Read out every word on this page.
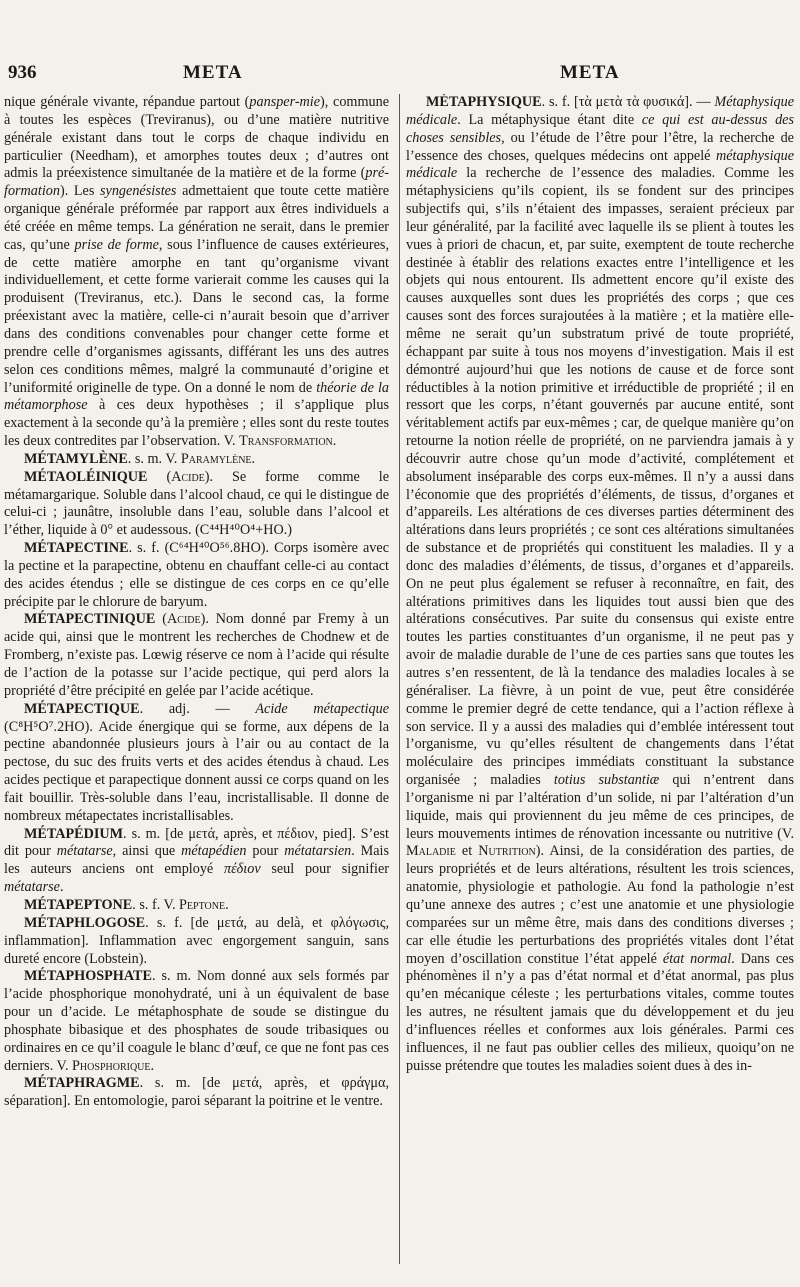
936	META	META

nique générale vivante, répandue partout (pansper-mie), commune à toutes les espèces (Treviranus), ou d’une matière nutritive générale existant dans tout le corps de chaque individu en particulier (Needham), et amorphes toutes deux ; d’autres ont admis la préexistence simultanée de la matière et de la forme (pré-formation). Les syngenésistes admettaient que toute cette matière organique générale préformée par rapport aux êtres individuels a été créée en même temps. La génération ne serait, dans le premier cas, qu’une prise de forme, sous l’influence de causes extérieures, de cette matière amorphe en tant qu’organisme vivant individuellement, et cette forme varierait comme les causes qui la produisent (Treviranus, etc.). Dans le second cas, la forme préexistant avec la matière, celle-ci n’aurait besoin que d’arriver dans des conditions convenables pour changer cette forme et prendre celle d’organismes agissants, différant les uns des autres selon ces conditions mêmes, malgré la communauté d’origine et l’uniformité originelle de type. On a donné le nom de théorie de la métamorphose à ces deux hypothèses ; il s’applique plus exactement à la seconde qu’à la première ; elles sont du reste toutes les deux contredites par l’observation. V. Transformation.

MÉTAMYLÈNE. s. m. V. Paramylène.

MÉTAOLÉINIQUE (Acide). Se forme comme le métamargarique. Soluble dans l’alcool chaud, ce qui le distingue de celui-ci ; jaunâtre, insoluble dans l’eau, soluble dans l’alcool et l’éther, liquide à 0° et audessous. (C⁴⁴H⁴⁰O⁴+HO.)

MÉTAPECTINE. s. f. (C⁶⁴H⁴⁰O⁵⁶.8HO). Corps isomère avec la pectine et la parapectine, obtenu en chauffant celle-ci au contact des acides étendus ; elle se distingue de ces corps en ce qu’elle précipite par le chlorure de baryum.

MÉTAPECTINIQUE (Acide). Nom donné par Fremy à un acide qui, ainsi que le montrent les recherches de Chodnew et de Fromberg, n’existe pas. Lœwig réserve ce nom à l’acide qui résulte de l’action de la potasse sur l’acide pectique, qui perd alors la propriété d’être précipité en gelée par l’acide acétique.

MÉTAPECTIQUE. adj. — Acide métapectique (C⁸H⁵O⁷.2HO). Acide énergique qui se forme, aux dépens de la pectine abandonnée plusieurs jours à l’air ou au contact de la pectose, du suc des fruits verts et des acides étendus à chaud. Les acides pectique et parapectique donnent aussi ce corps quand on les fait bouillir. Très-soluble dans l’eau, incristallisable. Il donne de nombreux métapectates incristallisables.

MÉTAPÉDIUM. s. m. [de μετά, après, et πέδιον, pied]. S’est dit pour métatarse, ainsi que métapédien pour métatarsien. Mais les auteurs anciens ont employé πέδιον seul pour signifier métatarse.

MÉTAPEPTONE. s. f. V. Peptone.

MÉTAPHLOGOSE. s. f. [de μετά, au delà, et φλόγωσις, inflammation]. Inflammation avec engorgement sanguin, sans dureté encore (Lobstein).

MÉTAPHOSPHATE. s. m. Nom donné aux sels formés par l’acide phosphorique monohydraté, uni à un équivalent de base pour un d’acide. Le métaphosphate de soude se distingue du phosphate bibasique et des phosphates de soude tribasiques ou ordinaires en ce qu’il coagule le blanc d’œuf, ce que ne font pas ces derniers. V. Phosphorique.

MÉTAPHRAGME. s. m. [de μετά, après, et φράγμα, séparation]. En entomologie, paroi séparant la poitrine et le ventre.

MÉTAPHYSIQUE. s. f. [τὰ μετὰ τὰ φυσικά]. — Métaphysique médicale. La métaphysique étant dite ce qui est au-dessus des choses sensibles, ou l’étude de l’être pour l’être, la recherche de l’essence des choses, quelques médecins ont appelé métaphysique médicale la recherche de l’essence des maladies. Comme les métaphysiciens qu’ils copient, ils se fondent sur des principes subjectifs qui, s’ils n’étaient des impasses, seraient précieux par leur généralité, par la facilité avec laquelle ils se plient à toutes les vues à priori de chacun, et, par suite, exemptent de toute recherche destinée à établir des relations exactes entre l’intelligence et les objets qui nous entourent. Ils admettent encore qu’il existe des causes auxquelles sont dues les propriétés des corps ; que ces causes sont des forces surajoutées à la matière ; et la matière elle-même ne serait qu’un substratum privé de toute propriété, échappant par suite à tous nos moyens d’investigation. Mais il est démontré aujourd’hui que les notions de cause et de force sont réductibles à la notion primitive et irréductible de propriété ; il en ressort que les corps, n’étant gouvernés par aucune entité, sont véritablement actifs par eux-mêmes ; car, de quelque manière qu’on retourne la notion réelle de propriété, on ne parviendra jamais à y découvrir autre chose qu’un mode d’activité, complétement et absolument inséparable des corps eux-mêmes. Il n’y a aussi dans l’économie que des propriétés d’éléments, de tissus, d’organes et d’appareils. Les altérations de ces diverses parties déterminent des altérations dans leurs propriétés ; ce sont ces altérations simultanées de substance et de propriétés qui constituent les maladies. Il y a donc des maladies d’éléments, de tissus, d’organes et d’appareils. On ne peut plus également se refuser à reconnaître, en fait, des altérations primitives dans les liquides tout aussi bien que des altérations consécutives. Par suite du consensus qui existe entre toutes les parties constituantes d’un organisme, il ne peut pas y avoir de maladie durable de l’une de ces parties sans que toutes les autres s’en ressentent, de là la tendance des maladies locales à se généraliser. La fièvre, à un point de vue, peut être considérée comme le premier degré de cette tendance, qui a l’action réflexe à son service. Il y a aussi des maladies qui d’emblée intéressent tout l’organisme, vu qu’elles résultent de changements dans l’état moléculaire des principes immédiats constituant la substance organisée ; maladies totius substantiæ qui n’entrent dans l’organisme ni par l’altération d’un solide, ni par l’altération d’un liquide, mais qui proviennent du jeu même de ces principes, de leurs mouvements intimes de rénovation incessante ou nutritive (V. Maladie et Nutrition). Ainsi, de la considération des parties, de leurs propriétés et de leurs altérations, résultent les trois sciences, anatomie, physiologie et pathologie. Au fond la pathologie n’est qu’une annexe des autres ; c’est une anatomie et une physiologie comparées sur un même être, mais dans des conditions diverses ; car elle étudie les perturbations des propriétés vitales dont l’état moyen d’oscillation constitue l’état appelé état normal. Dans ces phénomènes il n’y a pas d’état normal et d’état anormal, pas plus qu’en mécanique céleste ; les perturbations vitales, comme toutes les autres, ne résultent jamais que du développement et du jeu d’influences réelles et conformes aux lois générales. Parmi ces influences, il ne faut pas oublier celles des milieux, quoiqu’on ne puisse prétendre que toutes les maladies soient dues à des in-
